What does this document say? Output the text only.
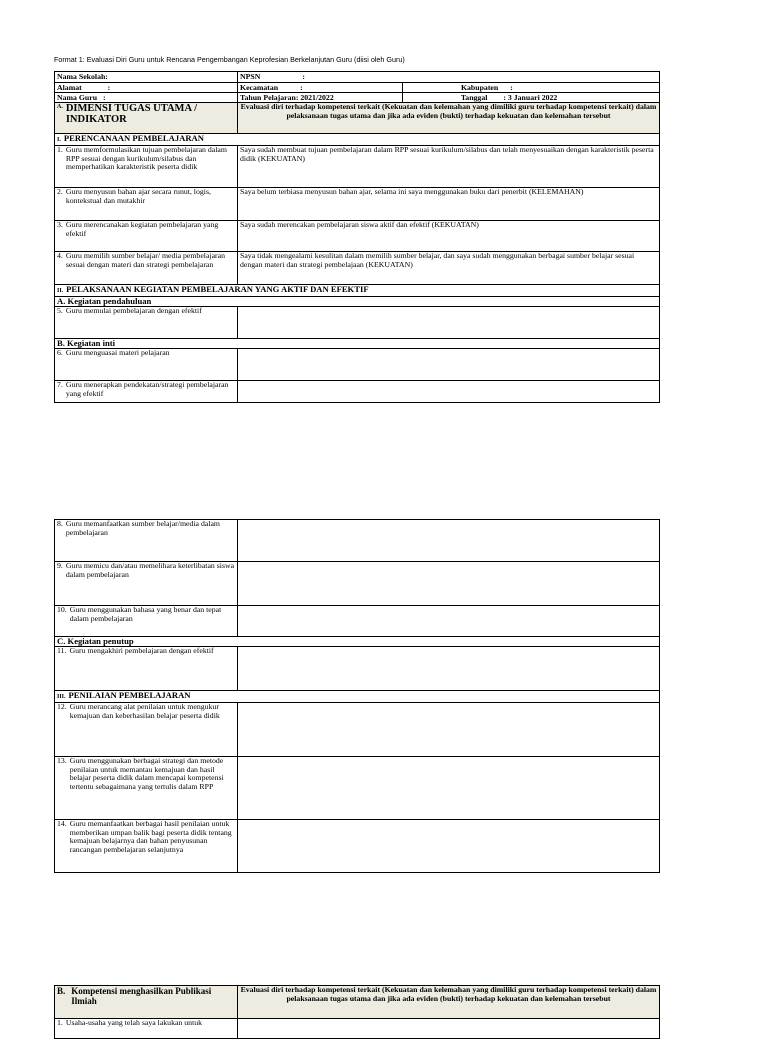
Format 1: Evaluasi Diri Guru untuk Rencana Pengembangan Keprofesian Berkelanjutan Guru (diisi oleh Guru)
Nama Sekolah:	NPSN :	
Alamat :	Kecamatan :	Kabupaten :
Nama Guru :	Tahun Pelajaran: 2021/2022	Tanggal : 3 Januari 2022

A. DIMENSI TUGAS UTAMA / INDIKATOR	Evaluasi diri terhadap kompetensi terkait (Kekuatan dan kelemahan yang dimiliki guru terhadap kompetensi terkait) dalam pelaksanaan tugas utama dan jika ada eviden (bukti) terhadap kekuatan dan kelemahan tersebut	
I. PERENCANAAN PEMBELAJARAN		

1. Guru memformulasikan tujuan pembelajaran dalam RPP sesuai dengan kurikulum/silabus dan memperhatikan karakteristik peserta didik	Saya sudah membuat tujuan pembelajaran dalam RPP sesuai kurikulum/silabus dan telah menyesuaikan dengan karakteristik peserta didik (KEKUATAN)	

2. Guru menyusun bahan ajar secara runut, logis, kontekstual dan mutakhir	Saya belum terbiasa menyusun bahan ajar, selama ini saya menggunakan buku dari penerbit (KELEMAHAN)	

3. Guru merencanakan kegiatan pembelajaran yang efektif	Saya sudah merencakan pembelajaran siswa aktif dan efektif (KEKUATAN)	

4. Guru memilih sumber belajar/ media pembelajaran sesuai dengan materi dan strategi pembelajaran	Saya tidak mengealami kesulitan dalam memilih sumber belajar, dan saya sudah menggunakan berbagai sumber belajar sesuai dengan materi dan strategi pembelajaan (KEKUATAN)	
II. PELAKSANAAN KEGIATAN PEMBELAJARAN YANG AKTIF DAN EFEKTIF		
A. Kegiatan pendahuluan		

5. Guru memulai pembelajaran dengan efektif		

B. Kegiatan inti		

6. Guru menguasai materi pelajaran		

7. Guru menerapkan pendekatan/strategi pembelajaran yang efektif		

8. Guru memanfaatkan sumber belajar/media dalam pembelajaran	

9. Guru memicu dan/atau memelihara keterlibatan siswa dalam pembelajaran	

10. Guru menggunakan bahasa yang benar dan tepat dalam pembelajaran	

C. Kegiatan penutup	

11. Guru mengakhiri pembelajaran dengan efektif	

III. PENILAIAN PEMBELAJARAN	

12. Guru merancang alat penilaian untuk mengukur kemajuan dan keberhasilan belajar peserta didik	

13. Guru menggunakan berbagai strategi dan metode penilaian untuk memantau kemajuan dan hasil belajar peserta didik dalam mencapai kompetensi tertentu sebagaimana yang tertulis dalam RPP	

14. Guru memanfaatkan berbagai hasil penilaian untuk memberikan umpan balik bagi peserta didik tentang kemajuan belajarnya dan bahan penyusunan rancangan pembelajaran selanjutnya	

B. Kompetensi menghasilkan Publikasi Ilmiah	Evaluasi diri terhadap kompetensi terkait (Kekuatan dan kelemahan yang dimiliki guru terhadap kompetensi terkait) dalam pelaksanaan tugas utama dan jika ada eviden (bukti) terhadap kekuatan dan kelemahan tersebut

1. Usaha-usaha yang telah saya lakukan untuk	
